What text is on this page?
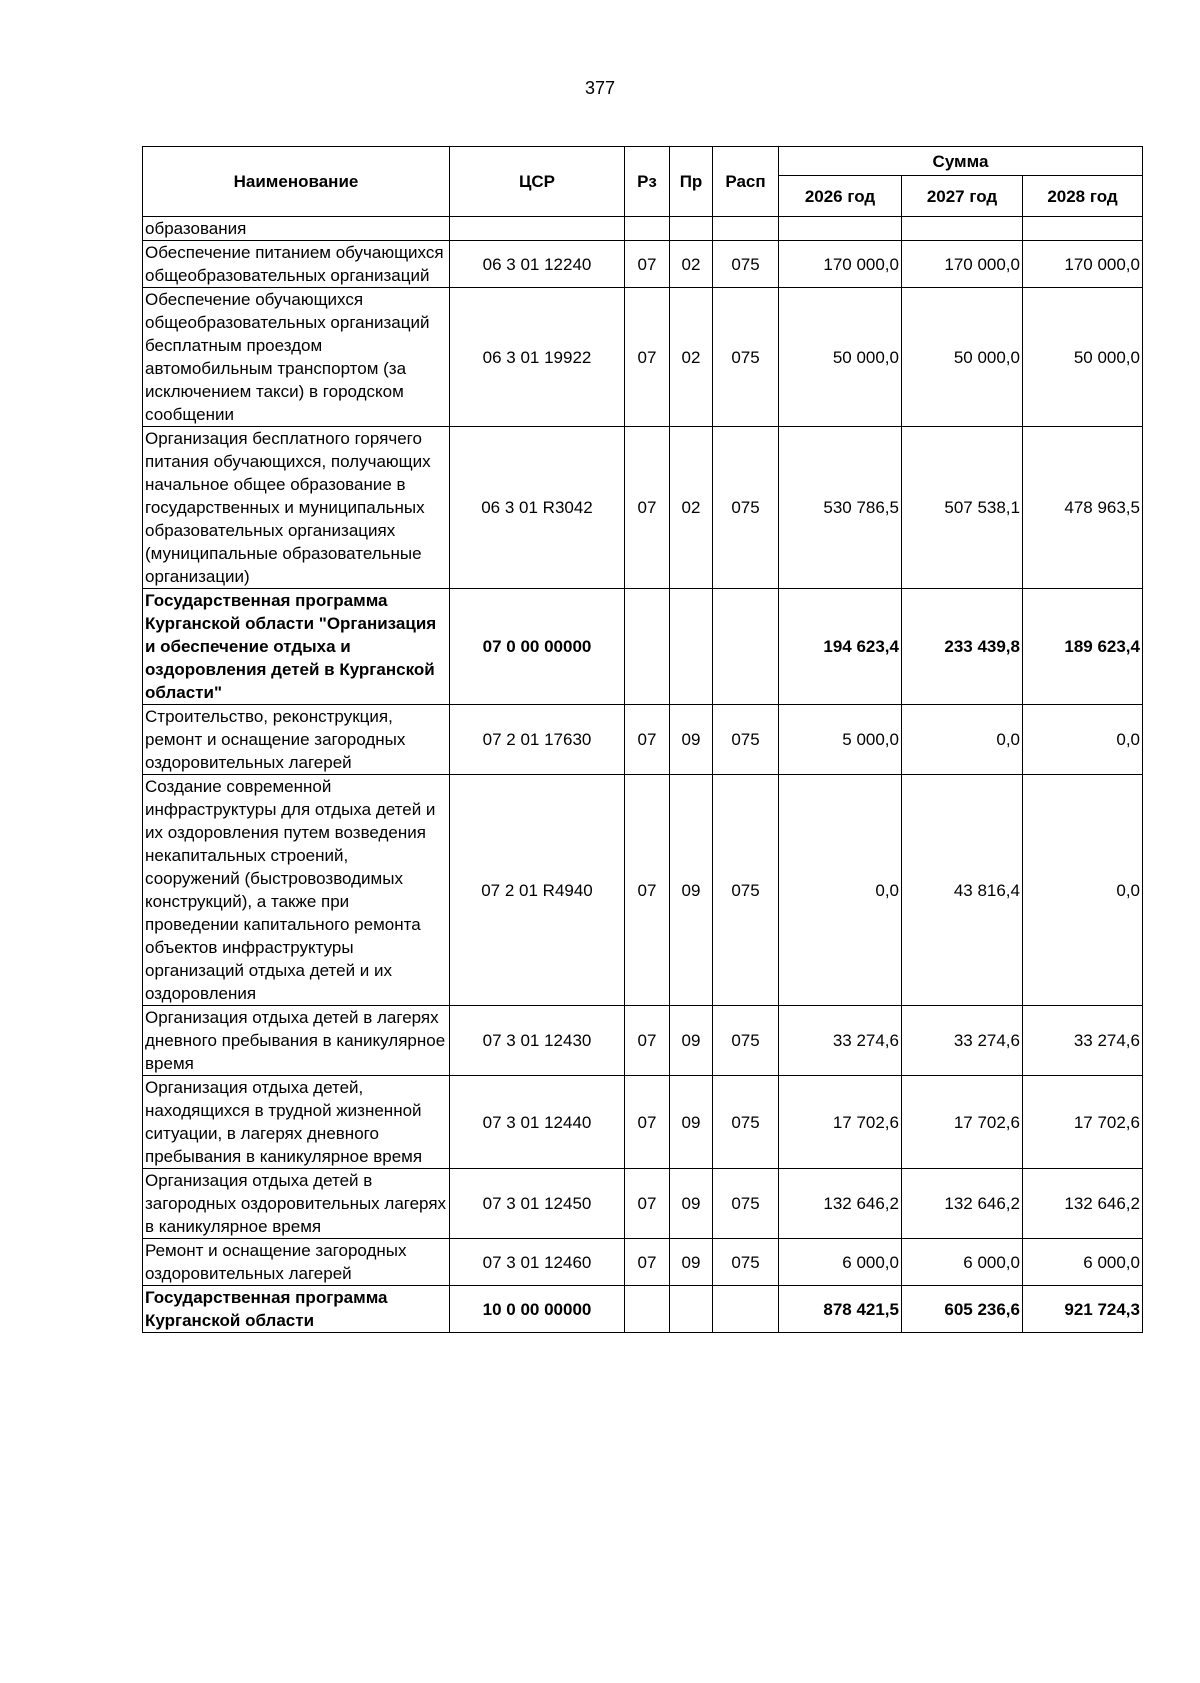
377
Наименование	ЦСР	Рз	Пр	Расп	Сумма		
					2026 год	2027 год	2028 год
образования							
Обеспечение питанием обучающихся общеобразовательных организаций	06 3 01 12240	07	02	075	170 000,0	170 000,0	170 000,0
Обеспечение обучающихся общеобразовательных организаций бесплатным проездом автомобильным транспортом (за исключением такси) в городском сообщении	06 3 01 19922	07	02	075	50 000,0	50 000,0	50 000,0
Организация бесплатного горячего питания обучающихся, получающих начальное общее образование в государственных и муниципальных образовательных организациях (муниципальные образовательные организации)	06 3 01 R3042	07	02	075	530 786,5	507 538,1	478 963,5
Государственная программа Курганской области "Организация и обеспечение отдыха и оздоровления детей в Курганской области"	07 0 00 00000				194 623,4	233 439,8	189 623,4
Строительство, реконструкция, ремонт и оснащение загородных оздоровительных лагерей	07 2 01 17630	07	09	075	5 000,0	0,0	0,0
Создание современной инфраструктуры для отдыха детей и их оздоровления путем возведения некапитальных строений, сооружений (быстровозводимых конструкций), а также при проведении капитального ремонта объектов инфраструктуры организаций отдыха детей и их оздоровления	07 2 01 R4940	07	09	075	0,0	43 816,4	0,0
Организация отдыха детей в лагерях дневного пребывания в каникулярное время	07 3 01 12430	07	09	075	33 274,6	33 274,6	33 274,6
Организация отдыха детей, находящихся в трудной жизненной ситуации, в лагерях дневного пребывания в каникулярное время	07 3 01 12440	07	09	075	17 702,6	17 702,6	17 702,6
Организация отдыха детей в загородных оздоровительных лагерях в каникулярное время	07 3 01 12450	07	09	075	132 646,2	132 646,2	132 646,2
Ремонт и оснащение загородных оздоровительных лагерей	07 3 01 12460	07	09	075	6 000,0	6 000,0	6 000,0
Государственная программа Курганской области	10 0 00 00000				878 421,5	605 236,6	921 724,3
